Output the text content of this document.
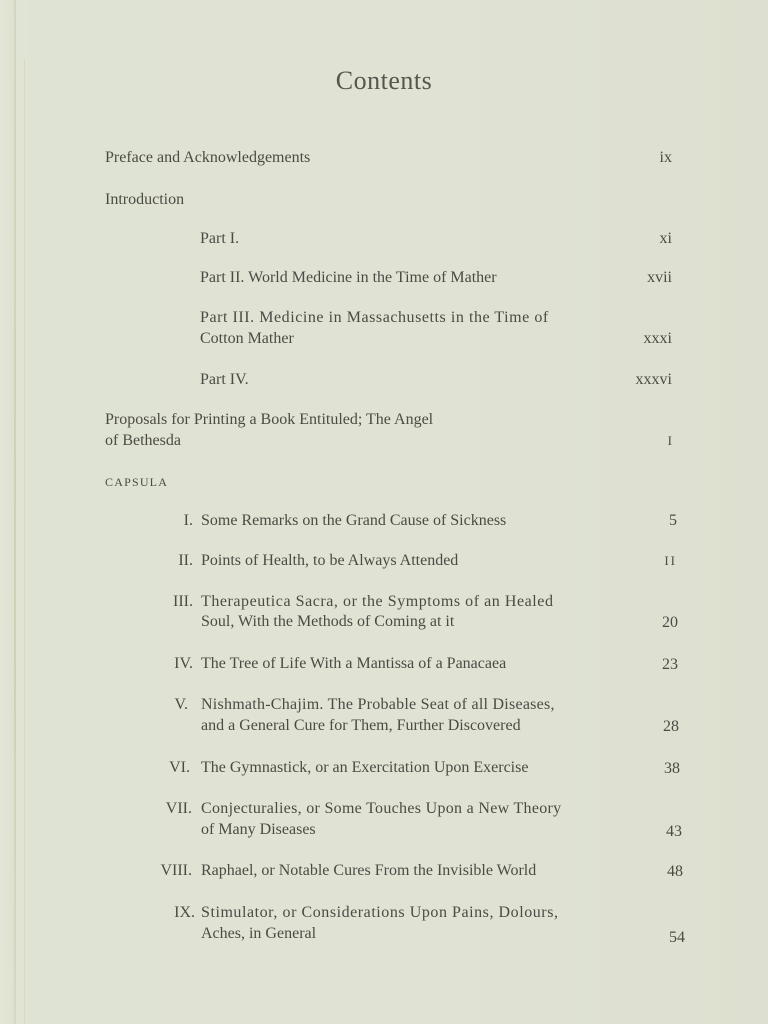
Contents
Preface and Acknowledgements	ix
Introduction
Part I.	xi
Part II. World Medicine in the Time of Mather	xvii
Part III. Medicine in Massachusetts in the Time of
Cotton Mather	xxxi
Part IV.	xxxvi
Proposals for Printing a Book Entituled; The Angel
of Bethesda	I
CAPSULA
I. Some Remarks on the Grand Cause of Sickness	5
II. Points of Health, to be Always Attended	II
III. Therapeutica Sacra, or the Symptoms of an Healed
Soul, With the Methods of Coming at it	20
IV. The Tree of Life With a Mantissa of a Panacaea	23
V. Nishmath-Chajim. The Probable Seat of all Diseases,
and a General Cure for Them, Further Discovered	28
VI. The Gymnastick, or an Exercitation Upon Exercise	38
VII. Conjecturalies, or Some Touches Upon a New Theory
of Many Diseases	43
VIII. Raphael, or Notable Cures From the Invisible World	48
IX. Stimulator, or Considerations Upon Pains, Dolours,
Aches, in General	54
